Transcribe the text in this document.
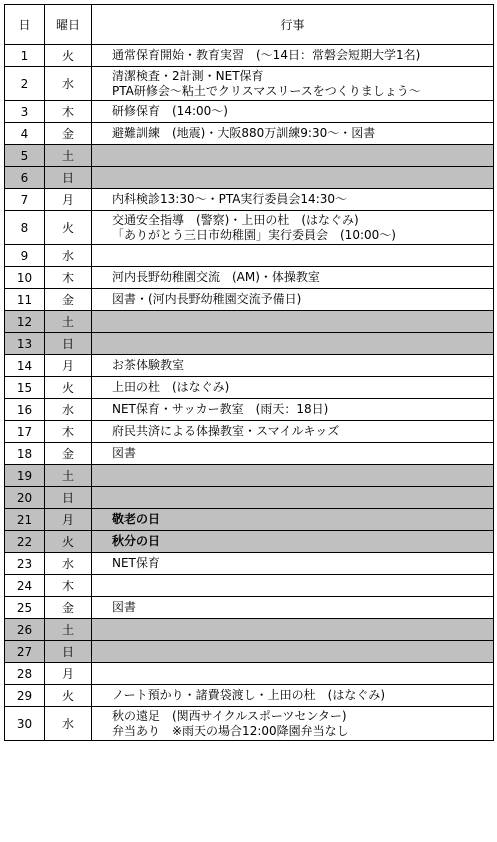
日	曜日	行事
1	火	通常保育開始・教育実習　(～14日：常磐会短期大学1名)

2	水	清潔検査・2計測・NET保育
PTA研修会～粘土でクリスマスリースをつくりましょう～

3	木	研修保育　(14:00～)

4	金	避難訓練　(地震)・大阪880万訓練9:30～・図書

5	土	

6	日	

7	月	内科検診13:30～・PTA実行委員会14:30～

8	火	交通安全指導　(警察)・上田の杜　(はなぐみ)
「ありがとう三日市幼稚園」実行委員会　(10:00～)

9	水	

10	木	河内長野幼稚園交流　(AM)・体操教室

11	金	図書・(河内長野幼稚園交流予備日)

12	土	

13	日	

14	月	お茶体験教室

15	火	上田の杜　(はなぐみ)

16	水	NET保育・サッカー教室　(雨天：18日)

17	木	府民共済による体操教室・スマイルキッズ

18	金	図書

19	土	

20	日	

21	月	敬老の日

22	火	秋分の日

23	水	NET保育

24	木	

25	金	図書

26	土	

27	日	

28	月	

29	火	ノート預かり・諸費袋渡し・上田の杜　(はなぐみ)

30	水	秋の遠足　(関西サイクルスポーツセンター)
弁当あり　※雨天の場合12:00降園弁当なし
